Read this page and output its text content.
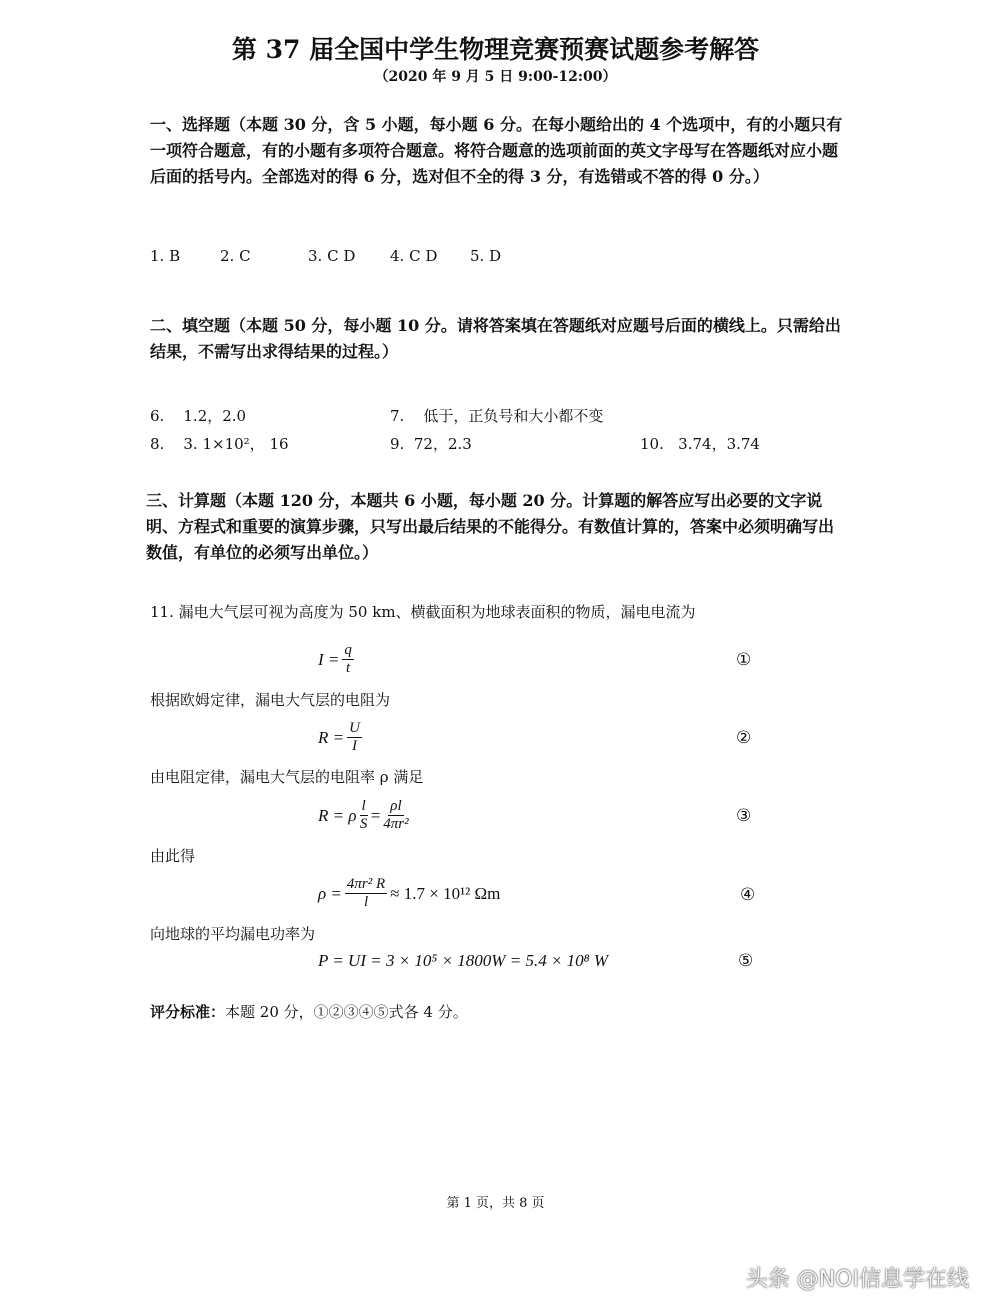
第 37 届全国中学生物理竞赛预赛试题参考解答
（2020 年 9 月 5 日 9:00-12:00）
一、选择题（本题 30 分，含 5 小题，每小题 6 分。在每小题给出的 4 个选项中，有的小题只有一项符合题意，有的小题有多项符合题意。将符合题意的选项前面的英文字母写在答题纸对应小题后面的括号内。全部选对的得 6 分，选对但不全的得 3 分，有选错或不答的得 0 分。）
1. B	2. C	3. C D 4. C D 5. D
二、填空题（本题 50 分，每小题 10 分。请将答案填在答题纸对应题号后面的横线上。只需给出结果，不需写出求得结果的过程。）
6. 1.2，2.0	7. 低于，正负号和大小都不变
8. 3. 1×10²， 16	9. 72，2.3	10. 3.74，3.74
三、计算题（本题 120 分，本题共 6 小题，每小题 20 分。计算题的解答应写出必要的文字说明、方程式和重要的演算步骤，只写出最后结果的不能得分。有数值计算的，答案中必须明确写出数值，有单位的必须写出单位。）
11. 漏电大气层可视为高度为 50 km、横截面积为地球表面积的物质，漏电电流为
$I = \frac{q}{t}$	①
根据欧姆定律，漏电大气层的电阻为
$R = \frac{U}{I}$	②
由电阻定律，漏电大气层的电阻率 ρ 满足
R = ρ $\frac{l}{S} = \frac{\rho l}{\text{4πr²}}$	③
由此得
$\rho = \frac{\text{4πr² R}}{l} \approx 1.7 \times 10^{12}$ Ωm	④
向地球的平均漏电功率为
P = UI = 3 × 10⁵ × 1800W = 5.4 × 10⁸ W	⑤
评分标准：本题 20 分，①②③④⑤式各 4 分。
第 1 页，共 8 页
头条 @NOI信息学在线
